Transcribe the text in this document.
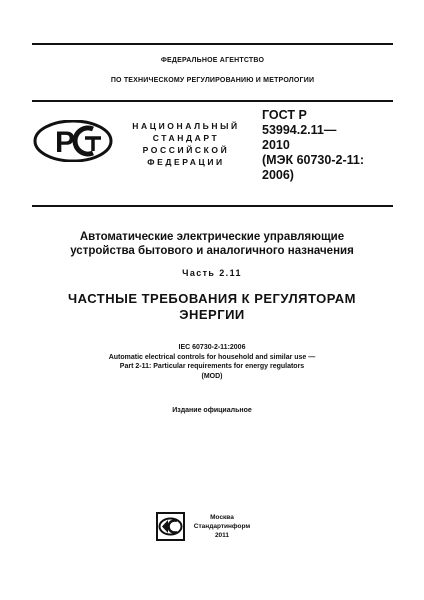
ФЕДЕРАЛЬНОЕ АГЕНТСТВО
ПО ТЕХНИЧЕСКОМУ РЕГУЛИРОВАНИЮ И МЕТРОЛОГИИ
Р	НАЦИОНАЛЬНЫЙ
СТАНДАРТ
РОССИЙСКОЙ
ФЕДЕРАЦИИ
ГОСТ Р
53994.2.11—
2010
(МЭК 60730-2-11:
2006)
Автоматические электрические управляющие
устройства бытового и аналогичного назначения
Часть 2.11
ЧАСТНЫЕ ТРЕБОВАНИЯ К РЕГУЛЯТОРАМ
ЭНЕРГИИ
IEC 60730-2-11:2006
Automatic electrical controls for household and similar use —
Part 2-11: Particular requirements for energy regulators
(MOD)
Издание официальное
Москва
Стандартинформ
2011
